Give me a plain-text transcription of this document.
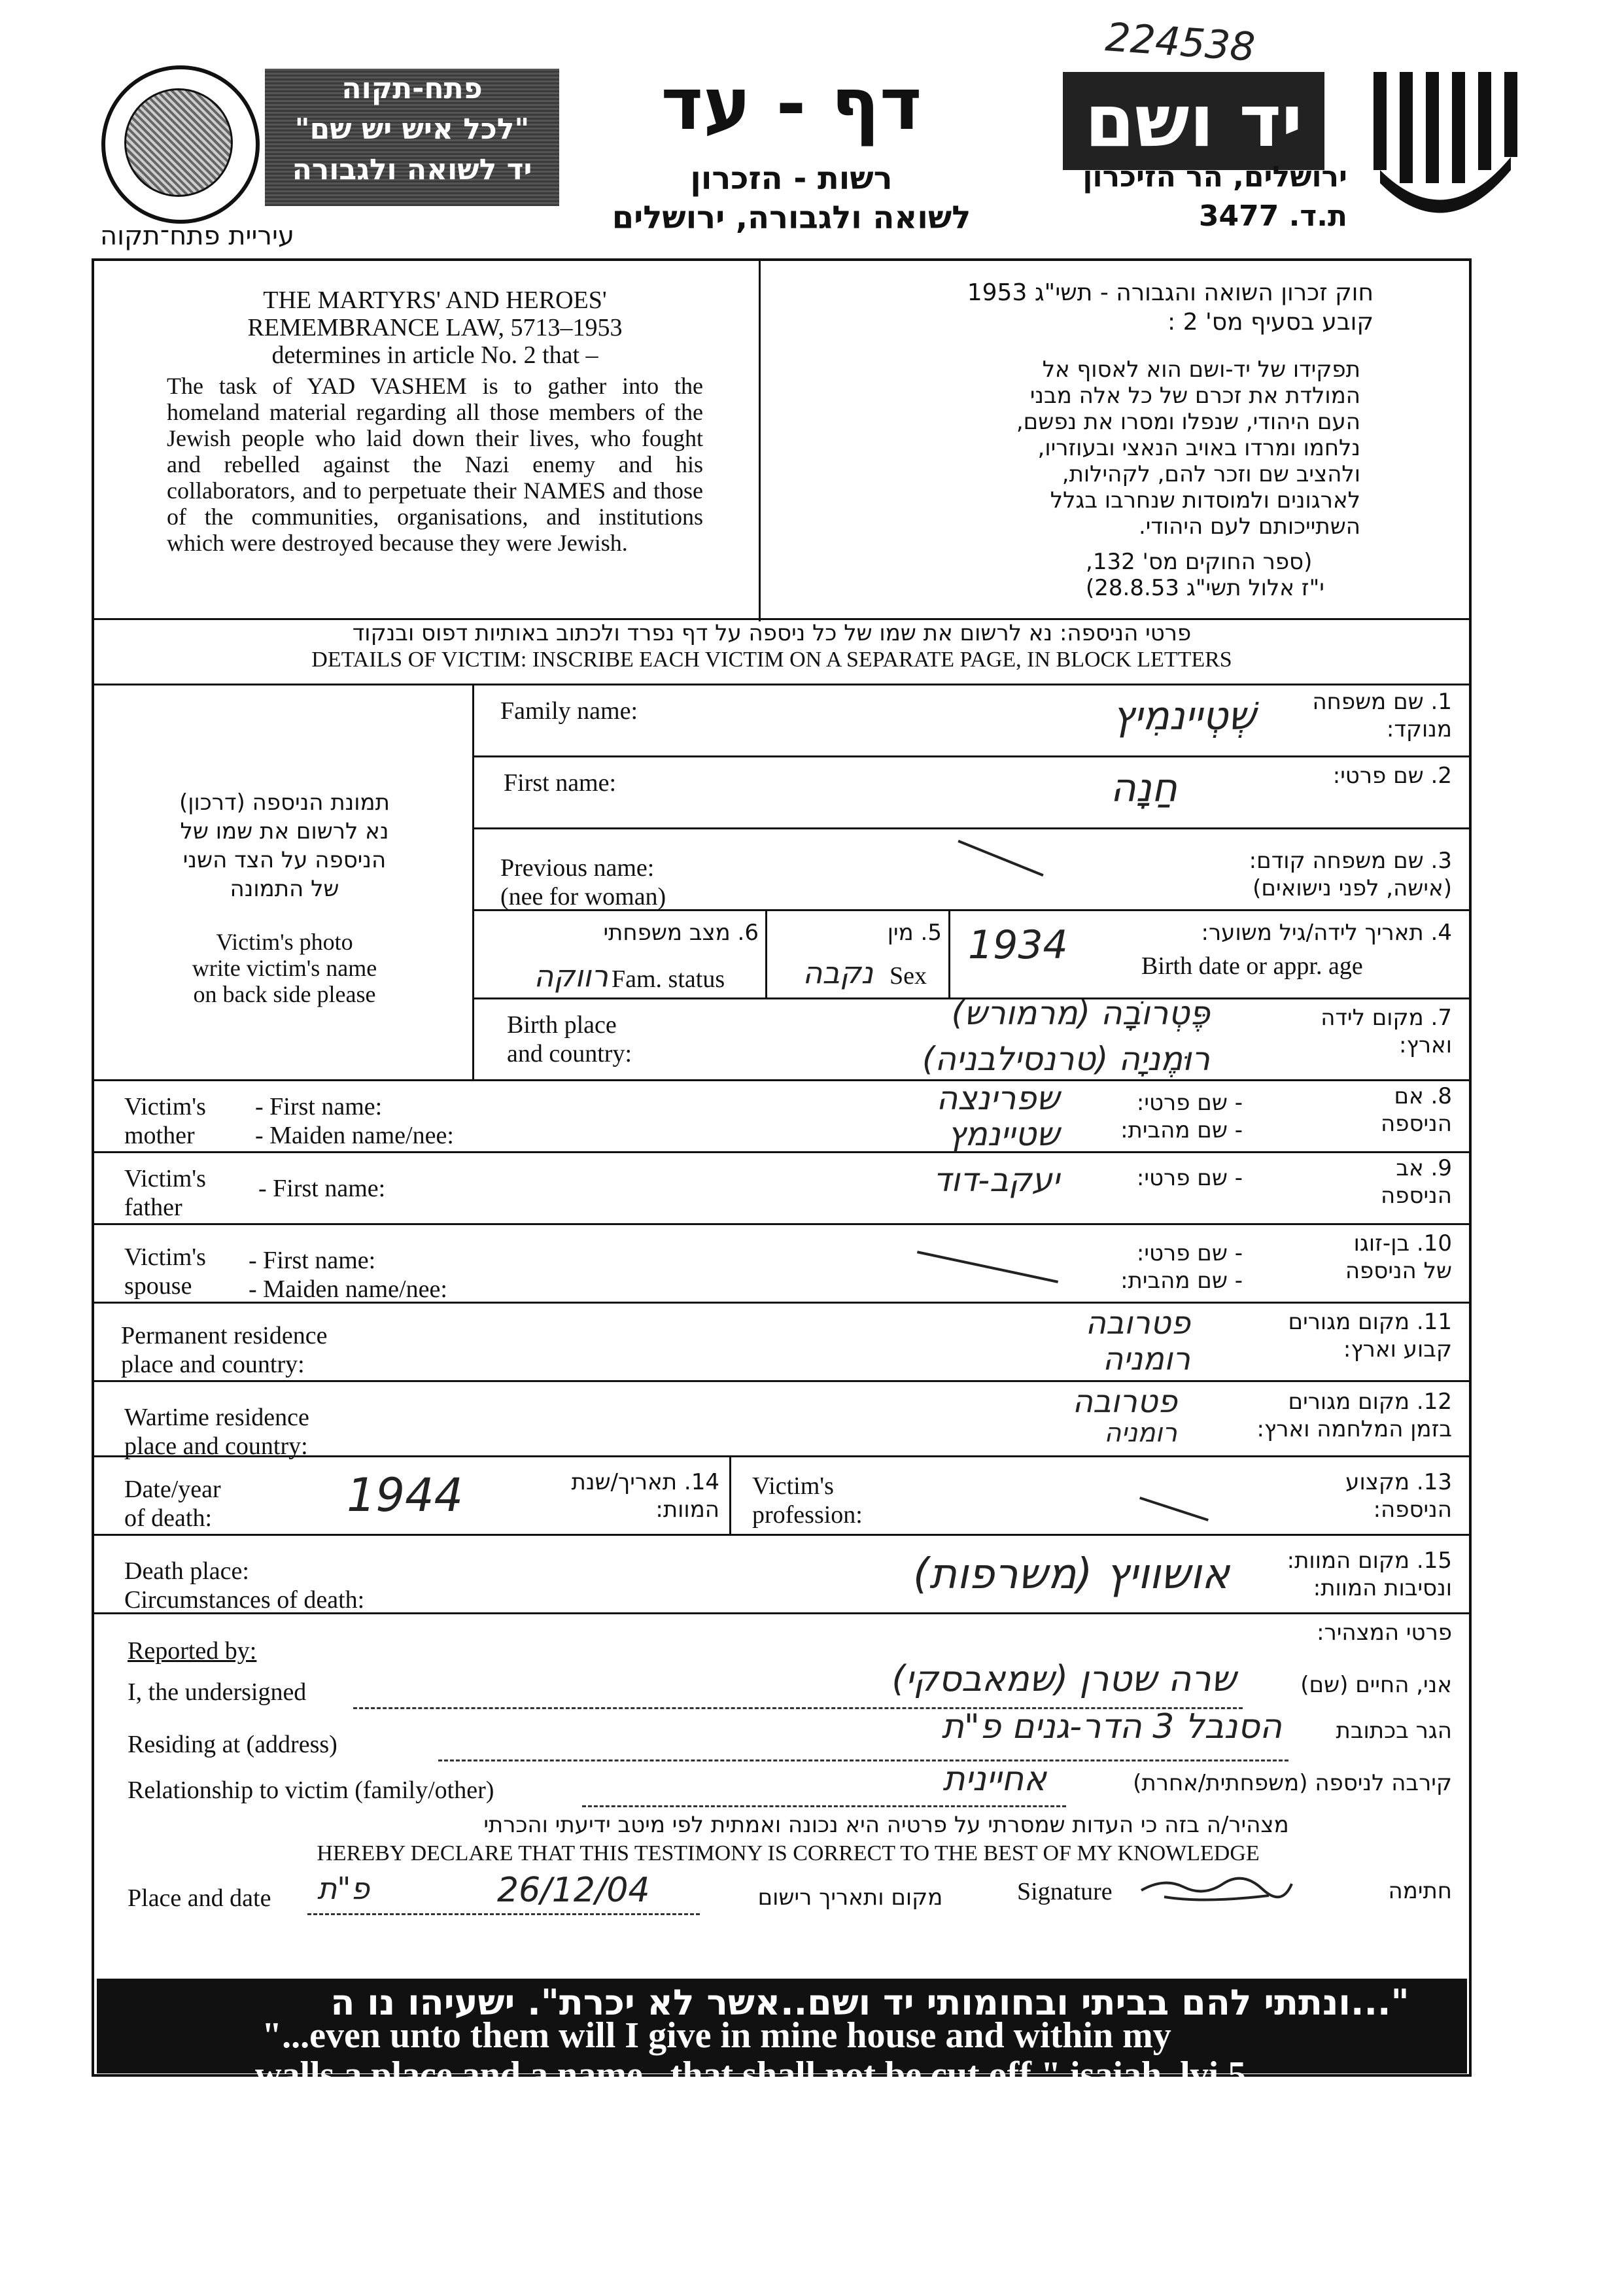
224538
עיריית פתח־תקוה
פתח-תקוה
"לכל איש יש שם"
יד לשואה ולגבורה
דף - עד
רשות - הזכרון
לשואה ולגבורה, ירושלים
יד ושם
ירושלים, הר הזיכרון
ת.ד. 3477
THE MARTYRS' AND HEROES'
REMEMBRANCE LAW, 5713–1953
determines in article No. 2 that –
The task of YAD VASHEM is to gather into the homeland material regarding all those members of the Jewish people who laid down their lives, who fought and rebelled against the Nazi enemy and his collaborators, and to perpetuate their NAMES and those of the communities, organisations, and institutions which were destroyed because they were Jewish.
חוק זכרון השואה והגבורה - תשי"ג 1953
קובע בסעיף מס' 2 :
תפקידו של יד-ושם הוא לאסוף אל
המולדת את זכרם של כל אלה מבני
העם היהודי, שנפלו ומסרו את נפשם,
נלחמו ומרדו באויב הנאצי ובעוזריו,
ולהציב שם וזכר להם, לקהילות,
לארגונים ולמוסדות שנחרבו בגלל
השתייכותם לעם היהודי.
(ספר החוקים מס' 132,
י"ז אלול תשי"ג 28.8.53)
פרטי הניספה: נא לרשום את שמו של כל ניספה על דף נפרד ולכתוב באותיות דפוס ובנקוד
DETAILS OF VICTIM: INSCRIBE EACH VICTIM ON A SEPARATE PAGE, IN BLOCK LETTERS
תמונת הניספה (דרכון)
נא לרשום את שמו של
הניספה על הצד השני
של התמונה
Victim's photo
write victim's name
on back side please
Family name:	1. שם משפחה
מנוקד:
שְׁטְיינמִיץ
First name:	2. שם פרטי:
חַנָה
Previous name:
(nee for woman)
3. שם משפחה קודם:
(אישה, לפני נישואים)
4. תאריך לידה/גיל משוער:
Birth date or appr. age
1934
5. מין
Sex
נקבה
6. מצב משפחתי
Fam. status
רווקה
Birth place
and country:
7. מקום לידה
וארץ:
פֶּטְרוֹבָה (מרמורש)
רוּמֶניָה (טרנסילבניה)
Victim's
mother
- First name:
- Maiden name/nee:
- שם פרטי:
- שם מהבית:
8. אם
הניספה
שפרינצה
שטיינמץ
Victim's
father
- First name:	- שם פרטי:	9. אב
הניספה
יעקב-דוד
Victim's
spouse
- First name:
- Maiden name/nee:
- שם פרטי:
- שם מהבית:
10. בן-זוגו
של הניספה
Permanent residence
place and country:
11. מקום מגורים
קבוע וארץ:
פטרובה
רומניה
Wartime residence
place and country:
12. מקום מגורים
בזמן המלחמה וארץ:
פטרובה
רומניה
Date/year
of death:
14. תאריך/שנת
המוות:
1944	Victim's
profession:
13. מקצוע
הניספה:
Death place:
Circumstances of death:
15. מקום המוות:
ונסיבות המוות:
אושוויץ (משרפות)
פרטי המצהיר:
Reported by:
I, the undersigned	אני, החיים (שם)
שרה שטרן (שמאבסקי)
Residing at (address)	הגר בכתובת
הסנבל 3 הדר-גנים פ"ת
Relationship to victim (family/other)	קירבה לניספה (משפחתית/אחרת)
אחיינית
מצהיר/ה בזה כי העדות שמסרתי על פרטיה היא נכונה ואמתית לפי מיטב ידיעתי והכרתי
HEREBY DECLARE THAT THIS TESTIMONY IS CORRECT TO THE BEST OF MY KNOWLEDGE
Place and date פ"ת	26/12/04	מקום ותאריך רישום	Signature	חתימה
"...ונתתי להם בביתי ובחומותי יד ושם..אשר לא יכרת". ישעיהו נו ה
"...even unto them will I give in mine house and within my
walls a place and a name...that shall not be cut off." isaiah, lvi,5
